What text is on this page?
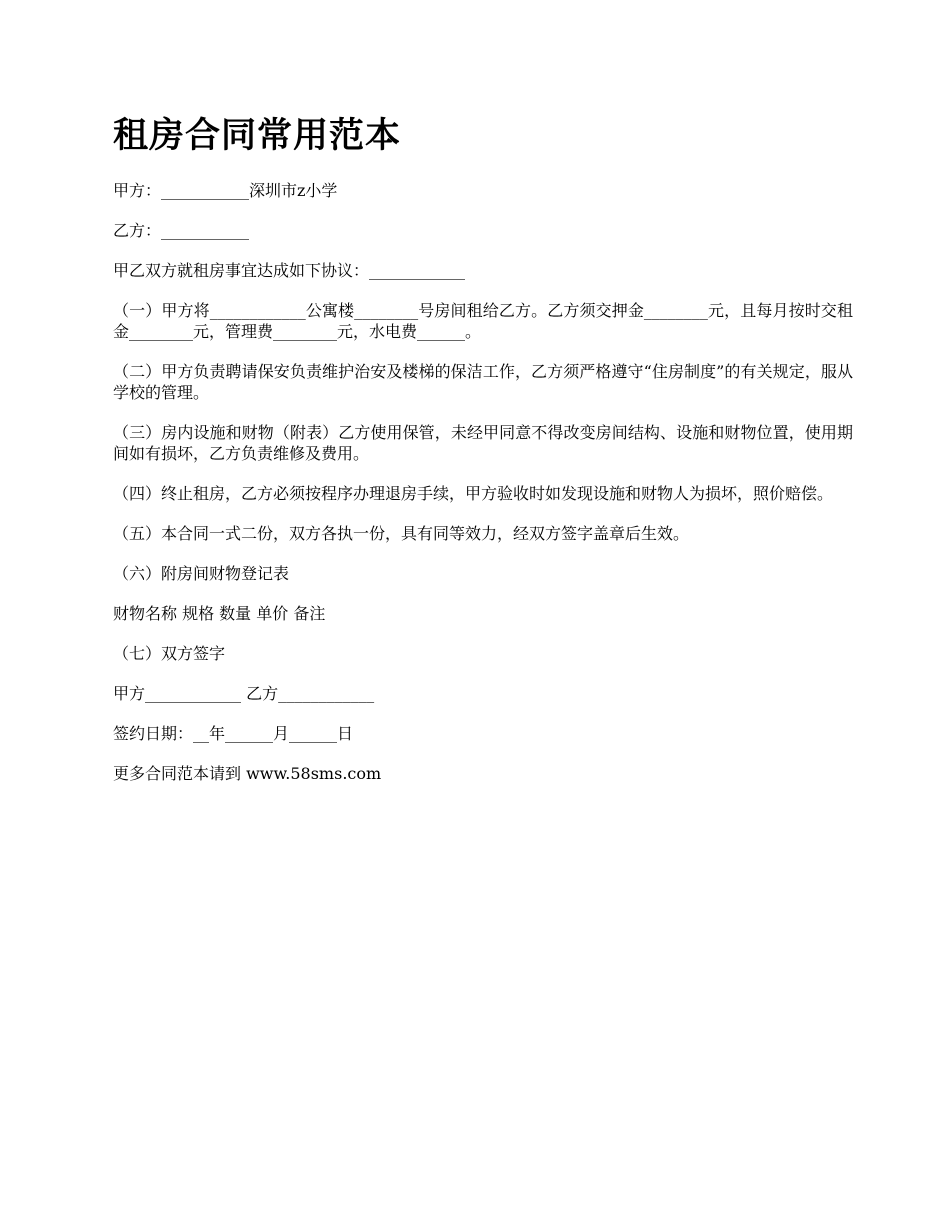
租房合同常用范本

甲方：___________深圳市z小学

乙方：___________

甲乙双方就租房事宜达成如下协议：____________

（一）甲方将____________公寓楼________号房间租给乙方。乙方须交押金________元，且每月按时交租金________元，管理费________元，水电费______。

（二）甲方负责聘请保安负责维护治安及楼梯的保洁工作，乙方须严格遵守“住房制度”的有关规定，服从学校的管理。

（三）房内设施和财物（附表）乙方使用保管，未经甲同意不得改变房间结构、设施和财物位置，使用期间如有损坏，乙方负责维修及费用。

（四）终止租房，乙方必须按程序办理退房手续，甲方验收时如发现设施和财物人为损坏，照价赔偿。

（五）本合同一式二份，双方各执一份，具有同等效力，经双方签字盖章后生效。

（六）附房间财物登记表

财物名称 规格 数量 单价 备注

（七）双方签字

甲方____________ 乙方____________

签约日期：__年______月______日

更多合同范本请到 www.58sms.com
